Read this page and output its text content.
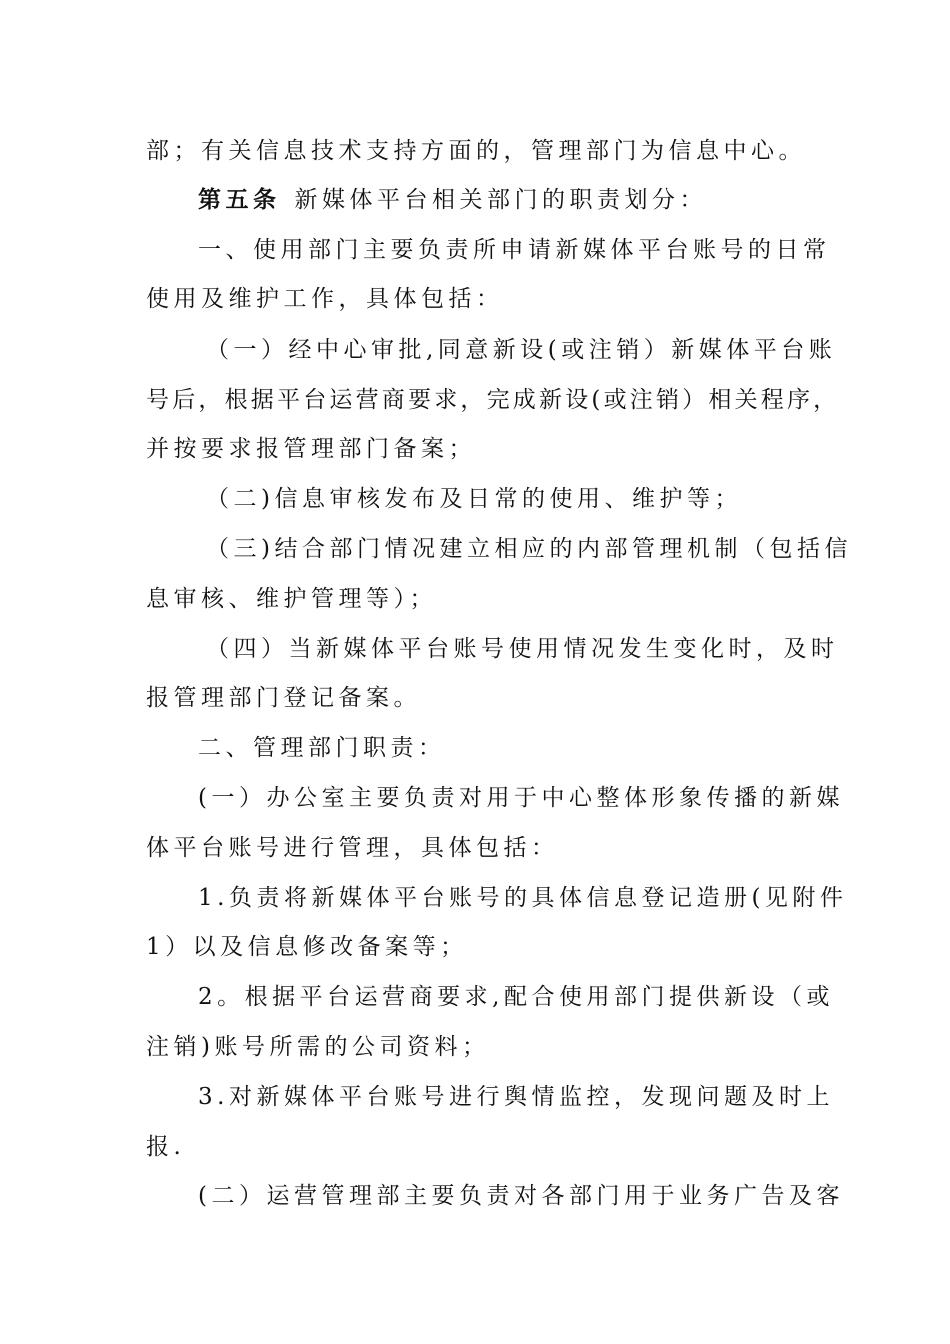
部；有关信息技术支持方面的，管理部门为信息中心。
第五条 新媒体平台相关部门的职责划分：
一、使用部门主要负责所申请新媒体平台账号的日常
使用及维护工作，具体包括：
（一）经中心审批,同意新设(或注销）新媒体平台账
号后，根据平台运营商要求，完成新设(或注销）相关程序，
并按要求报管理部门备案；
（二)信息审核发布及日常的使用、维护等；
（三)结合部门情况建立相应的内部管理机制（包括信
息审核、维护管理等）；
（四）当新媒体平台账号使用情况发生变化时，及时
报管理部门登记备案。
二、管理部门职责：
(一）办公室主要负责对用于中心整体形象传播的新媒
体平台账号进行管理，具体包括：
1.负责将新媒体平台账号的具体信息登记造册(见附件
1）以及信息修改备案等；
2。根据平台运营商要求,配合使用部门提供新设（或
注销)账号所需的公司资料；
3.对新媒体平台账号进行舆情监控，发现问题及时上
报.
(二）运营管理部主要负责对各部门用于业务广告及客
